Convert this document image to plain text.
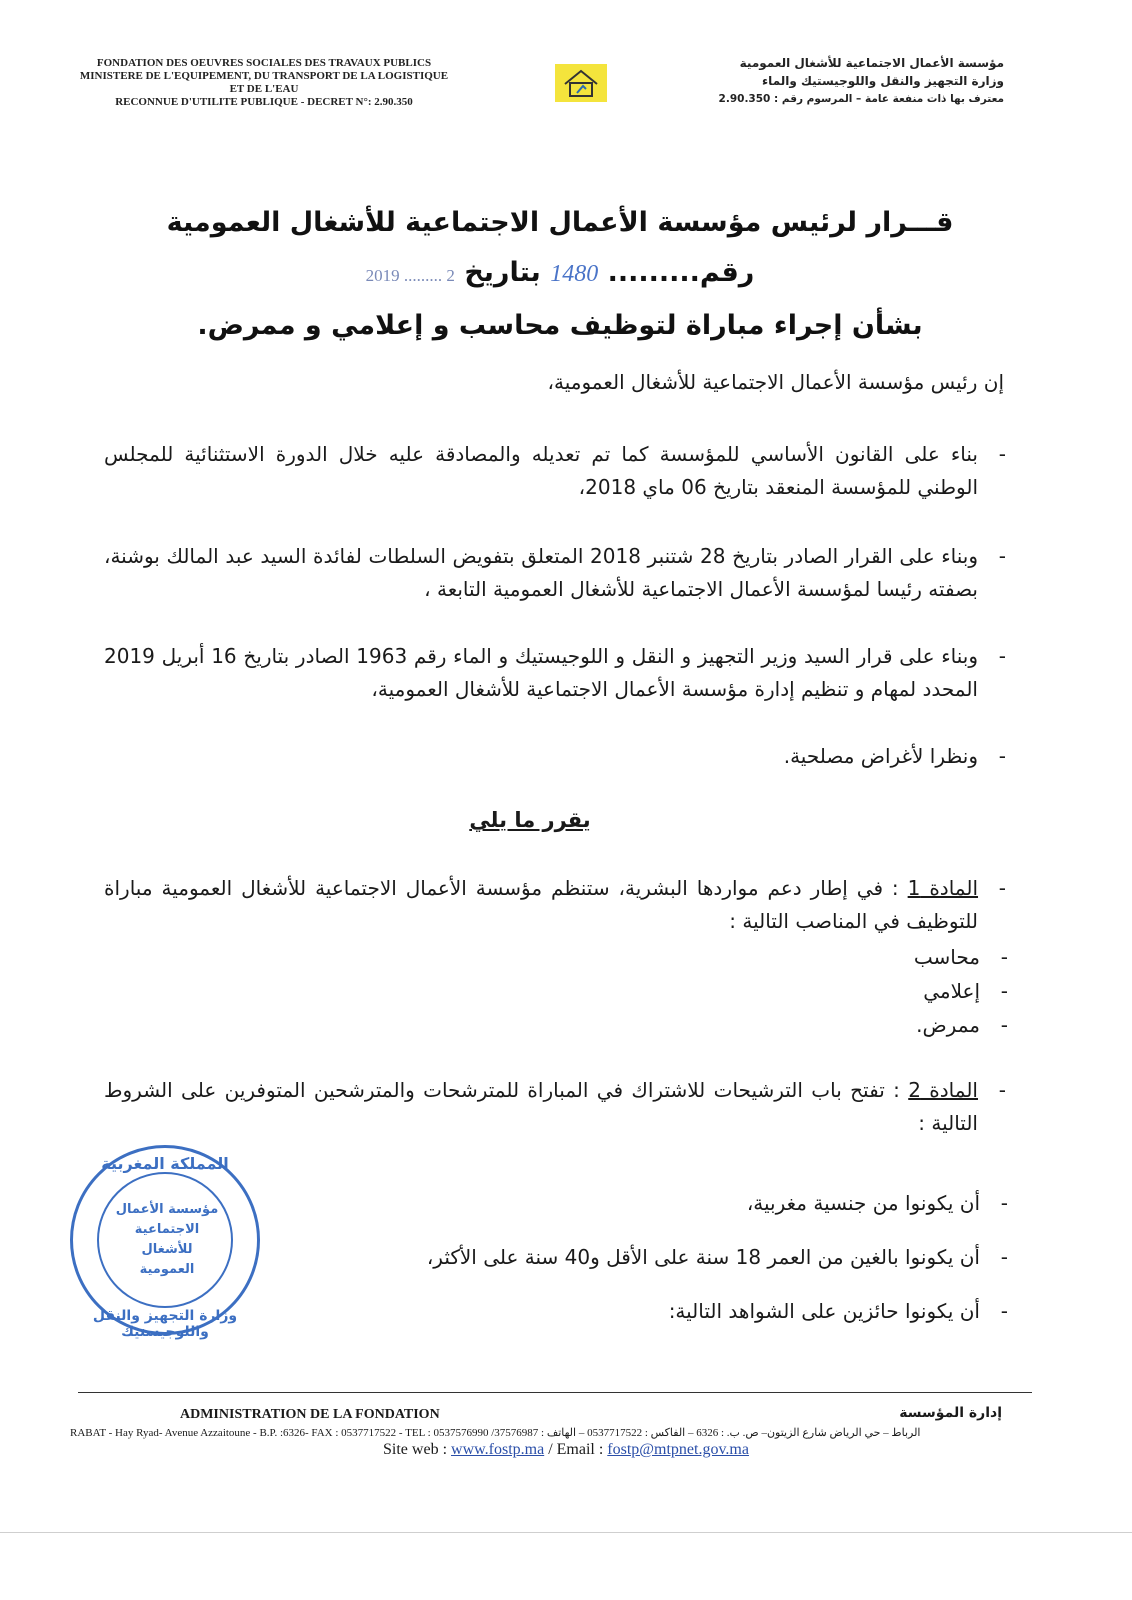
FONDATION DES OEUVRES SOCIALES DES TRAVAUX PUBLICS
MINISTERE DE L'EQUIPEMENT, DU TRANSPORT DE LA LOGISTIQUE
ET DE L'EAU
RECONNUE D'UTILITE PUBLIQUE - DECRET N°: 2.90.350
مؤسسة الأعمال الاجتماعية للأشغال العمومية
وزارة التجهيز والنقل واللوجيستيك والماء
معترف بها ذات منفعة عامة – المرسوم رقم : 2.90.350
قـــرار لرئيس مؤسسة الأعمال الاجتماعية للأشغال العمومية
رقم......... 1480 بتاريخ 2 ......... 2019
بشأن إجراء مباراة لتوظيف محاسب و إعلامي و ممرض.
إن رئيس مؤسسة الأعمال الاجتماعية للأشغال العمومية،
-
بناء على القانون الأساسي للمؤسسة كما تم تعديله والمصادقة عليه خلال الدورة الاستثنائية للمجلس الوطني للمؤسسة المنعقد بتاريخ 06 ماي 2018،
-
وبناء على القرار الصادر بتاريخ 28 شتنبر 2018 المتعلق بتفويض السلطات لفائدة السيد عبد المالك بوشنة، بصفته رئيسا لمؤسسة الأعمال الاجتماعية للأشغال العمومية التابعة ،
-
وبناء على قرار السيد وزير التجهيز و النقل و اللوجيستيك و الماء رقم 1963 الصادر بتاريخ 16 أبريل 2019 المحدد لمهام و تنظيم إدارة مؤسسة الأعمال الاجتماعية للأشغال العمومية،
-
ونظرا لأغراض مصلحية.
يقرر ما يلي
-
المادة 1 : في إطار دعم مواردها البشرية، ستنظم مؤسسة الأعمال الاجتماعية للأشغال العمومية مباراة للتوظيف في المناصب التالية :
-
محاسب
-
إعلامي
-
ممرض.
-
المادة 2 : تفتح باب الترشيحات للاشتراك في المباراة للمترشحات والمترشحين المتوفرين على الشروط التالية :
-
أن يكونوا من جنسية مغربية،
-
أن يكونوا بالغين من العمر 18 سنة على الأقل و40 سنة على الأكثر،
-
أن يكونوا حائزين على الشواهد التالية:
المملكة المغربية
مؤسسة الأعمال
الاجتماعية للأشغال
العمومية
وزارة التجهيز والنقل واللوجيستيك
ADMINISTRATION DE LA FONDATION	إدارة المؤسسة
RABAT - Hay Ryad- Avenue Azzaitoune - B.P. :6326- FAX : 0537717522 - TEL : 0537576990 /37576987 : الرباط – حي الرياض شارع الزيتون– ص. ب. : 6326 – الفاكس : 0537717522 – الهاتف
Site web : www.fostp.ma / Email : fostp@mtpnet.gov.ma
